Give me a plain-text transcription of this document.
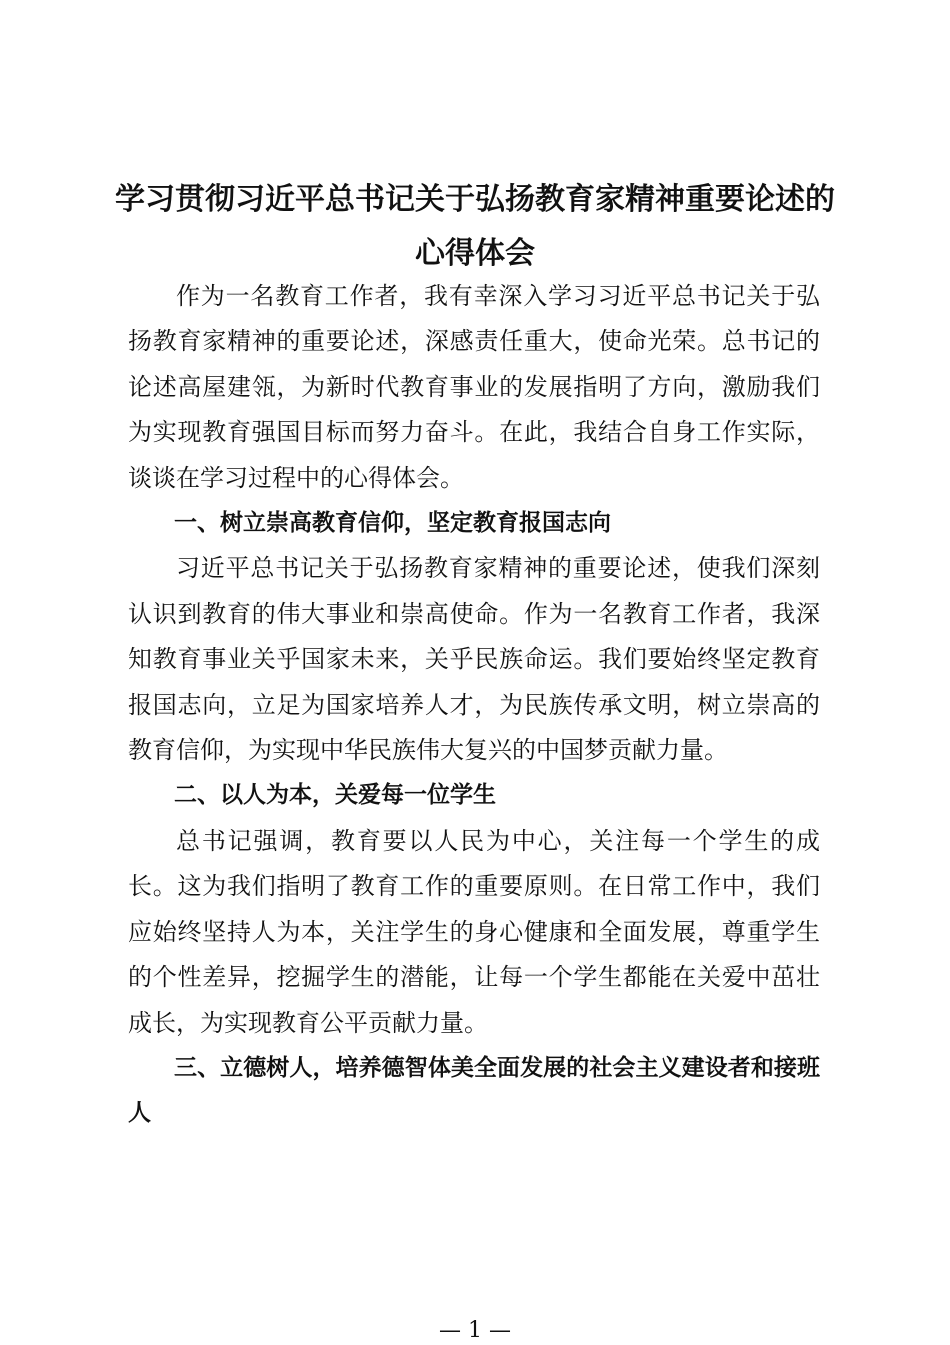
学习贯彻习近平总书记关于弘扬教育家精神重要论述的
心得体会

作为一名教育工作者，我有幸深入学习习近平总书记关于弘扬教育家精神的重要论述，深感责任重大，使命光荣。总书记的论述高屋建瓴，为新时代教育事业的发展指明了方向，激励我们为实现教育强国目标而努力奋斗。在此，我结合自身工作实际，谈谈在学习过程中的心得体会。

一、树立崇高教育信仰，坚定教育报国志向

习近平总书记关于弘扬教育家精神的重要论述，使我们深刻认识到教育的伟大事业和崇高使命。作为一名教育工作者，我深知教育事业关乎国家未来，关乎民族命运。我们要始终坚定教育报国志向，立足为国家培养人才，为民族传承文明，树立崇高的教育信仰，为实现中华民族伟大复兴的中国梦贡献力量。

二、以人为本，关爱每一位学生

总书记强调，教育要以人民为中心，关注每一个学生的成长。这为我们指明了教育工作的重要原则。在日常工作中，我们应始终坚持人为本，关注学生的身心健康和全面发展，尊重学生的个性差异，挖掘学生的潜能，让每一个学生都能在关爱中茁壮成长，为实现教育公平贡献力量。

三、立德树人，培养德智体美全面发展的社会主义建设者和接班人

— 1 —
